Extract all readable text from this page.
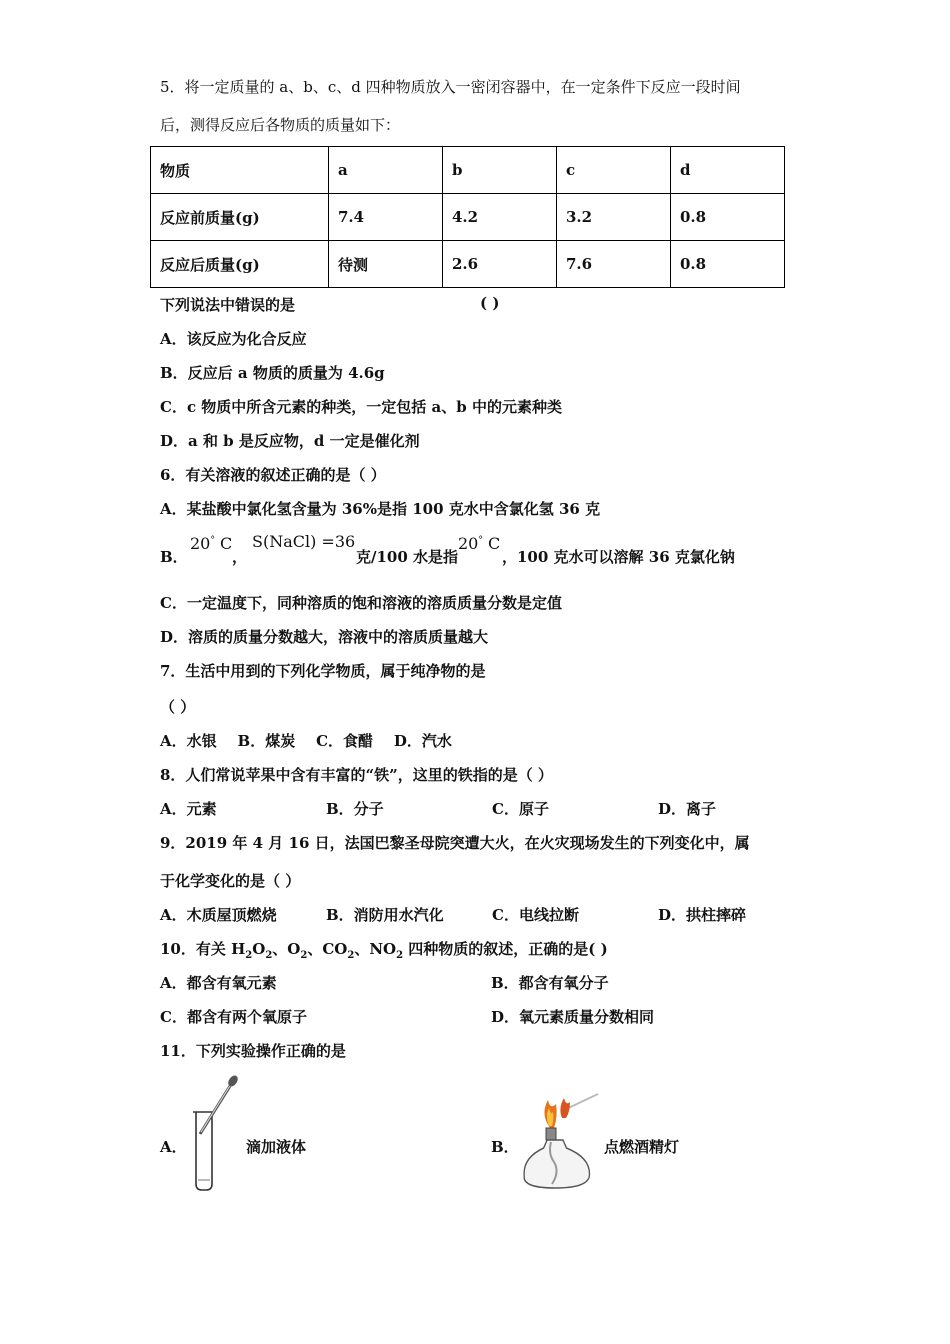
5．将一定质量的 a、b、c、d 四种物质放入一密闭容器中，在一定条件下反应一段时间
后，测得反应后各物质的质量如下：
物质	a	b	c	d
反应前质量(g)	7.4	4.2	3.2	0.8
反应后质量(g)	待测	2.6	7.6	0.8
下列说法中错误的是	( )
A．该反应为化合反应
B．反应后 a 物质的质量为 4.6g
C．c 物质中所含元素的种类，一定包括 a、b 中的元素种类
D．a 和 b 是反应物，d 一定是催化剂
6．有关溶液的叙述正确的是（ ）
A．某盐酸中氯化氢含量为 36%是指 100 克水中含氯化氢 36 克
B．
20° C
，
S(NaCl) =36
克/100 水是指
20° C
，100 克水可以溶解 36 克氯化钠
C．一定温度下，同种溶质的饱和溶液的溶质质量分数是定值
D．溶质的质量分数越大，溶液中的溶质质量越大
7．生活中用到的下列化学物质，属于纯净物的是
（ ）
A．水银    B．煤炭    C．食醋    D．汽水
8．人们常说苹果中含有丰富的“铁”，这里的铁指的是（ ）
A．元素	B．分子	C．原子	D．离子
9．2019 年 4 月 16 日，法国巴黎圣母院突遭大火，在火灾现场发生的下列变化中，属
于化学变化的是（ ）
A．木质屋顶燃烧	B．消防用水汽化	C．电线拉断	D．拱柱摔碎
10．有关 $H_2O_2$、$O_2$、$CO_2$、$NO_2$ 四种物质的叙述，正确的是( )
A．都含有氧元素	B．都含有氧分子
C．都含有两个氧原子	D．氧元素质量分数相同
11．下列实验操作正确的是
A．	滴加液体	B．	点燃酒精灯
